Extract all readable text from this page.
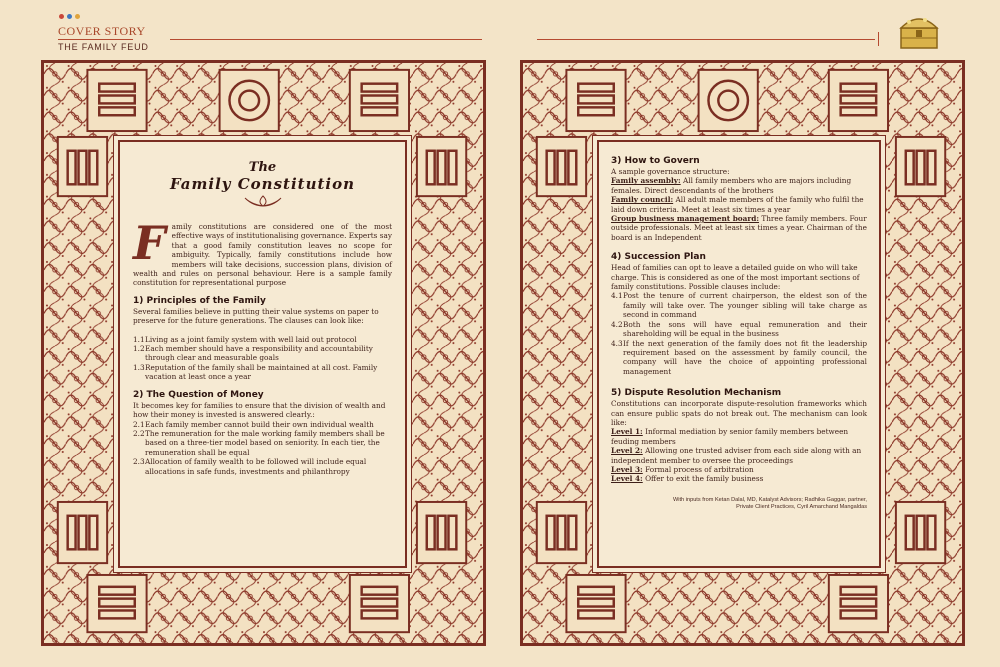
COVER STORY
THE FAMILY FEUD
The
Family Constitution
Family constitutions are considered one of the most effective ways of institutionalising governance. Experts say that a good family constitution leaves no scope for ambiguity. Typically, family constitutions include how members will take decisions, succession plans, division of wealth and rules on personal behaviour. Here is a sample family constitution for representational purpose
1) Principles of the Family
Several families believe in putting their value systems on paper to preserve for the future generations. The clauses can look like:
1.1 Living as a joint family system with well laid out protocol
1.2 Each member should have a responsibility and accountability through clear and measurable goals
1.3 Reputation of the family shall be maintained at all cost. Family vacation at least once a year
2) The Question of Money
It becomes key for families to ensure that the division of wealth and how their money is invested is answered clearly.:
2.1 Each family member cannot build their own individual wealth
2.2 The remuneration for the male working family members shall be based on a three-tier model based on seniority. In each tier, the remuneration shall be equal
2.3 Allocation of family wealth to be followed will include equal allocations in safe funds, investments and philanthropy
3) How to Govern
A sample governance structure:
Family assembly: All family members who are majors including females. Direct descendants of the brothers
Family council: All adult male members of the family who fulfil the laid down criteria. Meet at least six times a year
Group business management board: Three family members. Four outside professionals. Meet at least six times a year. Chairman of the board is an Independent
4) Succession Plan
Head of families can opt to leave a detailed guide on who will take charge. This is considered as one of the most important sections of family constitutions. Possible clauses include:
4.1 Post the tenure of current chairperson, the eldest son of the family will take over. The younger sibling will take charge as second in command
4.2 Both the sons will have equal remuneration and their shareholding will be equal in the business
4.3 If the next generation of the family does not fit the leadership requirement based on the assessment by family council, the company will have the choice of appointing professional management
5) Dispute Resolution Mechanism
Constitutions can incorporate dispute-resolution frameworks which can ensure public spats do not break out. The mechanism can look like:
Level 1: Informal mediation by senior family members between feuding members
Level 2: Allowing one trusted adviser from each side along with an independent member to oversee the proceedings
Level 3: Formal process of arbitration
Level 4: Offer to exit the family business
With inputs from Ketan Dalal, MD, Katalyst Advisors; Radhika Gaggar, partner,
Private Client Practices, Cyril Amarchand Mangaldas
